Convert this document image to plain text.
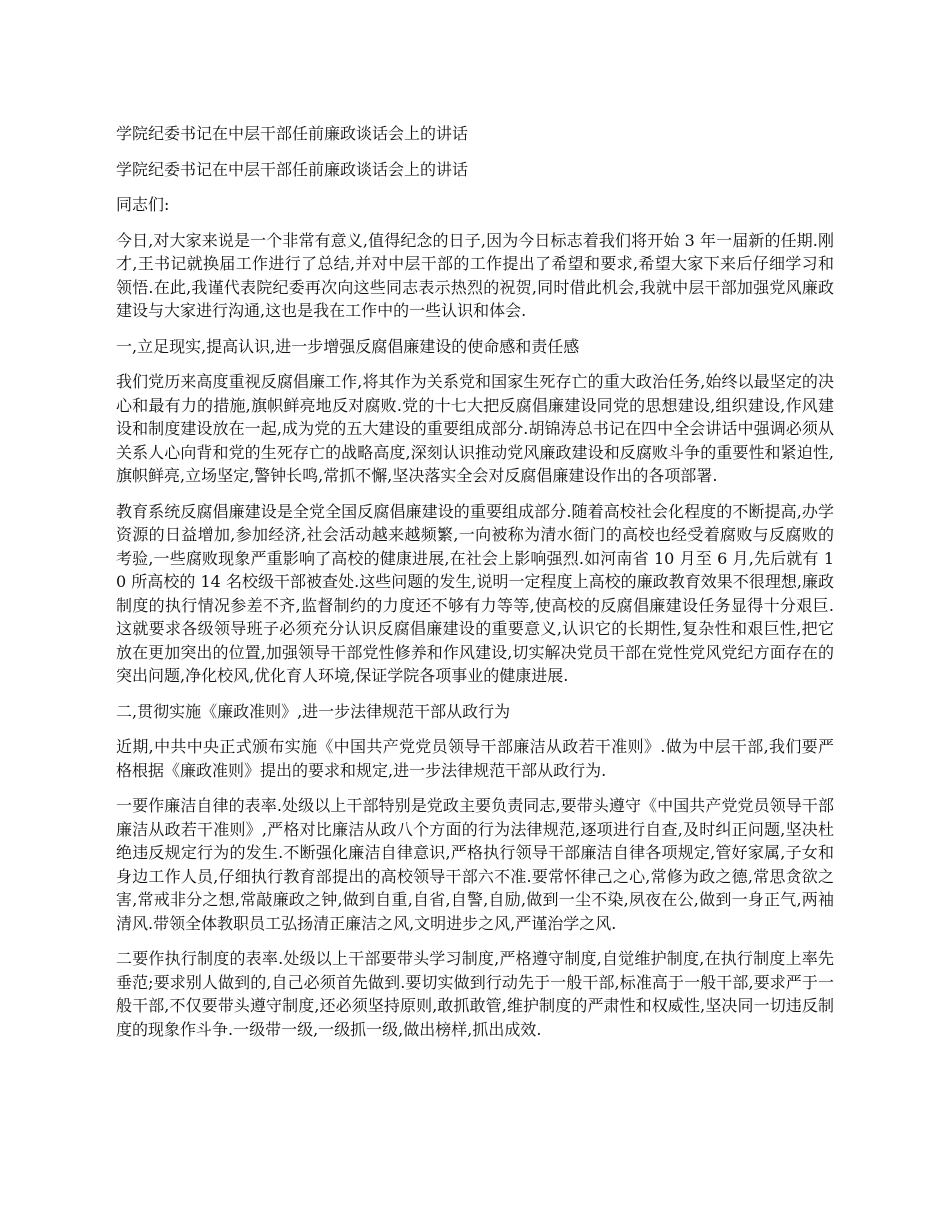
学院纪委书记在中层干部任前廉政谈话会上的讲话

学院纪委书记在中层干部任前廉政谈话会上的讲话

同志们:

今日,对大家来说是一个非常有意义,值得纪念的日子,因为今日标志着我们将开始 3 年一届新的任期.刚才,王书记就换届工作进行了总结,并对中层干部的工作提出了希望和要求,希望大家下来后仔细学习和领悟.在此,我谨代表院纪委再次向这些同志表示热烈的祝贺,同时借此机会,我就中层干部加强党风廉政建设与大家进行沟通,这也是我在工作中的一些认识和体会.

一,立足现实,提高认识,进一步增强反腐倡廉建设的使命感和责任感

我们党历来高度重视反腐倡廉工作,将其作为关系党和国家生死存亡的重大政治任务,始终以最坚定的决心和最有力的措施,旗帜鲜亮地反对腐败.党的十七大把反腐倡廉建设同党的思想建设,组织建设,作风建设和制度建设放在一起,成为党的五大建设的重要组成部分.胡锦涛总书记在四中全会讲话中强调必须从关系人心向背和党的生死存亡的战略高度,深刻认识推动党风廉政建设和反腐败斗争的重要性和紧迫性,旗帜鲜亮,立场坚定,警钟长鸣,常抓不懈,坚决落实全会对反腐倡廉建设作出的各项部署.

教育系统反腐倡廉建设是全党全国反腐倡廉建设的重要组成部分.随着高校社会化程度的不断提高,办学资源的日益增加,参加经济,社会活动越来越频繁,一向被称为清水衙门的高校也经受着腐败与反腐败的考验,一些腐败现象严重影响了高校的健康进展,在社会上影响强烈.如河南省 10 月至 6 月,先后就有 10 所高校的 14 名校级干部被查处.这些问题的发生,说明一定程度上高校的廉政教育效果不很理想,廉政制度的执行情况参差不齐,监督制约的力度还不够有力等等,使高校的反腐倡廉建设任务显得十分艰巨.这就要求各级领导班子必须充分认识反腐倡廉建设的重要意义,认识它的长期性,复杂性和艰巨性,把它放在更加突出的位置,加强领导干部党性修养和作风建设,切实解决党员干部在党性党风党纪方面存在的突出问题,净化校风,优化育人环境,保证学院各项事业的健康进展.

二,贯彻实施《廉政准则》,进一步法律规范干部从政行为

近期,中共中央正式颁布实施《中国共产党党员领导干部廉洁从政若干准则》.做为中层干部,我们要严格根据《廉政准则》提出的要求和规定,进一步法律规范干部从政行为.

一要作廉洁自律的表率.处级以上干部特别是党政主要负责同志,要带头遵守《中国共产党党员领导干部廉洁从政若干准则》,严格对比廉洁从政八个方面的行为法律规范,逐项进行自查,及时纠正问题,坚决杜绝违反规定行为的发生.不断强化廉洁自律意识,严格执行领导干部廉洁自律各项规定,管好家属,子女和身边工作人员,仔细执行教育部提出的高校领导干部六不准.要常怀律己之心,常修为政之德,常思贪欲之害,常戒非分之想,常敲廉政之钟,做到自重,自省,自警,自励,做到一尘不染,夙夜在公,做到一身正气,两袖清风.带领全体教职员工弘扬清正廉洁之风,文明进步之风,严谨治学之风.

二要作执行制度的表率.处级以上干部要带头学习制度,严格遵守制度,自觉维护制度,在执行制度上率先垂范;要求别人做到的,自己必须首先做到.要切实做到行动先于一般干部,标准高于一般干部,要求严于一般干部,不仅要带头遵守制度,还必须坚持原则,敢抓敢管,维护制度的严肃性和权威性,坚决同一切违反制度的现象作斗争.一级带一级,一级抓一级,做出榜样,抓出成效.
